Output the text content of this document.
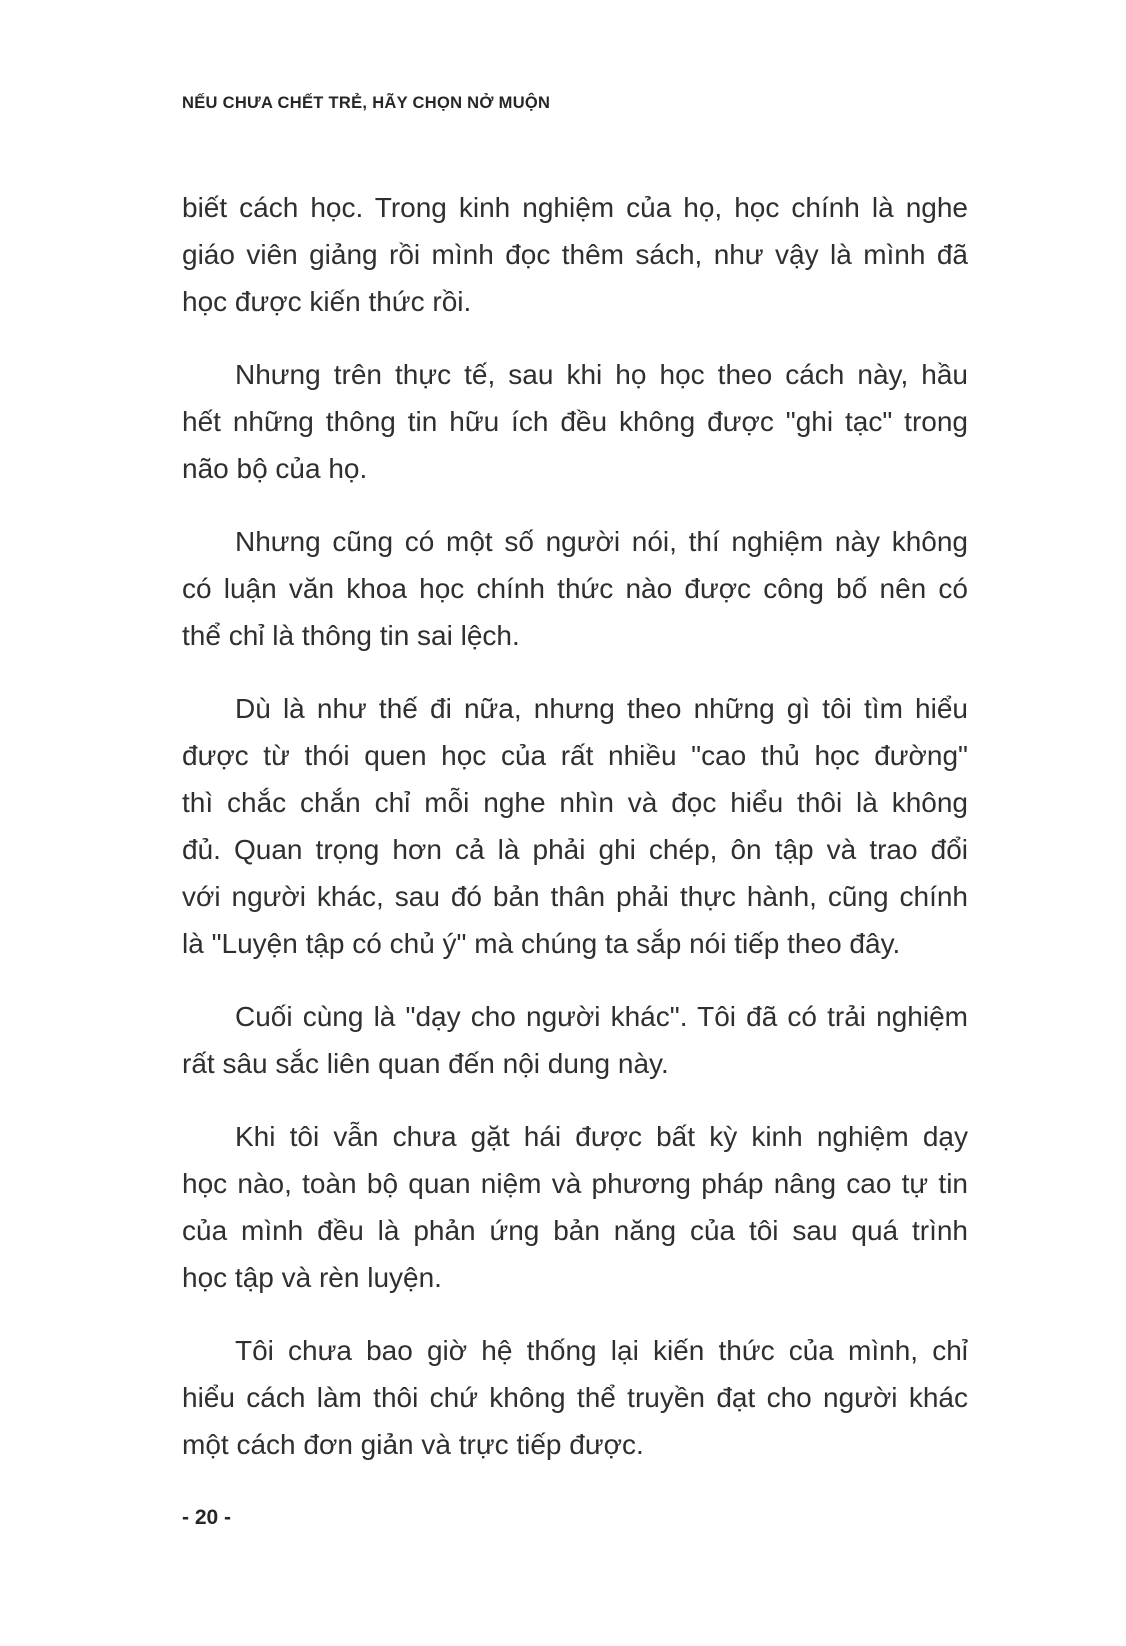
NẾU CHƯA CHẾT TRẺ, HÃY CHỌN NỞ MUỘN

biết cách học. Trong kinh nghiệm của họ, học chính là nghe
giáo viên giảng rồi mình đọc thêm sách, như vậy là mình đã
học được kiến thức rồi.

Nhưng trên thực tế, sau khi họ học theo cách này, hầu
hết những thông tin hữu ích đều không được "ghi tạc" trong
não bộ của họ.

Nhưng cũng có một số người nói, thí nghiệm này không
có luận văn khoa học chính thức nào được công bố nên có
thể chỉ là thông tin sai lệch.

Dù là như thế đi nữa, nhưng theo những gì tôi tìm hiểu
được từ thói quen học của rất nhiều "cao thủ học đường"
thì chắc chắn chỉ mỗi nghe nhìn và đọc hiểu thôi là không
đủ. Quan trọng hơn cả là phải ghi chép, ôn tập và trao đổi
với người khác, sau đó bản thân phải thực hành, cũng chính
là "Luyện tập có chủ ý" mà chúng ta sắp nói tiếp theo đây.

Cuối cùng là "dạy cho người khác". Tôi đã có trải nghiệm
rất sâu sắc liên quan đến nội dung này.

Khi tôi vẫn chưa gặt hái được bất kỳ kinh nghiệm dạy
học nào, toàn bộ quan niệm và phương pháp nâng cao tự tin
của mình đều là phản ứng bản năng của tôi sau quá trình
học tập và rèn luyện.

Tôi chưa bao giờ hệ thống lại kiến thức của mình, chỉ
hiểu cách làm thôi chứ không thể truyền đạt cho người khác
một cách đơn giản và trực tiếp được.

- 20 -
